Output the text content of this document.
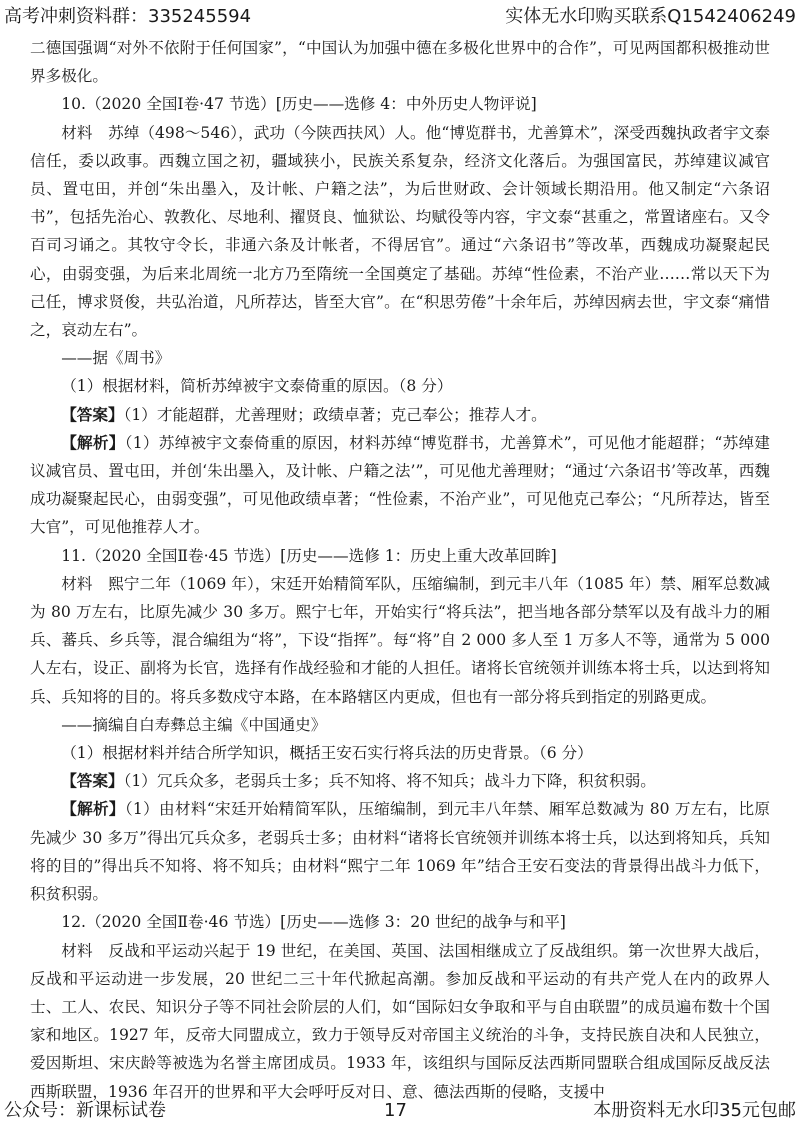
高考冲刺资料群：335245594	实体无水印购买联系Q1542406249

二德国强调“对外不依附于任何国家”，“中国认为加强中德在多极化世界中的合作”，可见两国都积极推动世界多极化。

10.（2020 全国Ⅰ卷·47 节选）[历史——选修 4：中外历史人物评说]

材料　苏绰（498～546），武功（今陕西扶风）人。他“博览群书，尤善算术”，深受西魏执政者宇文泰信任，委以政事。西魏立国之初，疆域狭小，民族关系复杂，经济文化落后。为强国富民，苏绰建议减官员、置屯田，并创“朱出墨入，及计帐、户籍之法”，为后世财政、会计领域长期沿用。他又制定“六条诏书”，包括先治心、敦教化、尽地利、擢贤良、恤狱讼、均赋役等内容，宇文泰“甚重之，常置诸座右。又令百司习诵之。其牧守令长，非通六条及计帐者，不得居官”。通过“六条诏书”等改革，西魏成功凝聚起民心，由弱变强，为后来北周统一北方乃至隋统一全国奠定了基础。苏绰“性俭素，不治产业……常以天下为己任，博求贤俊，共弘治道，凡所荐达，皆至大官”。在“积思劳倦”十余年后，苏绰因病去世，宇文泰“痛惜之，哀动左右”。

——据《周书》

（1）根据材料，简析苏绰被宇文泰倚重的原因。（8 分）

【答案】（1）才能超群，尤善理财；政绩卓著；克己奉公；推荐人才。

【解析】（1）苏绰被宇文泰倚重的原因，材料苏绰“博览群书，尤善算术”，可见他才能超群；“苏绰建议减官员、置屯田，并创‘朱出墨入，及计帐、户籍之法’”，可见他尤善理财；“通过‘六条诏书’等改革，西魏成功凝聚起民心，由弱变强”，可见他政绩卓著；“性俭素，不治产业”，可见他克己奉公；“凡所荐达，皆至大官”，可见他推荐人才。

11.（2020 全国Ⅱ卷·45 节选）[历史——选修 1：历史上重大改革回眸]

材料　熙宁二年（1069 年），宋廷开始精简军队，压缩编制，到元丰八年（1085 年）禁、厢军总数减为 80 万左右，比原先减少 30 多万。熙宁七年，开始实行“将兵法”，把当地各部分禁军以及有战斗力的厢兵、蕃兵、乡兵等，混合编组为“将”，下设“指挥”。每“将”自 2 000 多人至 1 万多人不等，通常为 5 000 人左右，设正、副将为长官，选择有作战经验和才能的人担任。诸将长官统领并训练本将士兵，以达到将知兵、兵知将的目的。将兵多数戍守本路，在本路辖区内更成，但也有一部分将兵到指定的别路更成。

——摘编自白寿彝总主编《中国通史》

（1）根据材料并结合所学知识，概括王安石实行将兵法的历史背景。（6 分）

【答案】（1）冗兵众多，老弱兵士多；兵不知将、将不知兵；战斗力下降，积贫积弱。

【解析】（1）由材料“宋廷开始精简军队，压缩编制，到元丰八年禁、厢军总数减为 80 万左右，比原先减少 30 多万”得出冗兵众多，老弱兵士多；由材料“诸将长官统领并训练本将士兵，以达到将知兵，兵知将的目的”得出兵不知将、将不知兵；由材料“熙宁二年 1069 年”结合王安石变法的背景得出战斗力低下，积贫积弱。

12.（2020 全国Ⅱ卷·46 节选）[历史——选修 3：20 世纪的战争与和平]

材料　反战和平运动兴起于 19 世纪，在美国、英国、法国相继成立了反战组织。第一次世界大战后，反战和平运动进一步发展，20 世纪二三十年代掀起高潮。参加反战和平运动的有共产党人在内的政界人士、工人、农民、知识分子等不同社会阶层的人们，如“国际妇女争取和平与自由联盟”的成员遍布数十个国家和地区。1927 年，反帝大同盟成立，致力于领导反对帝国主义统治的斗争，支持民族自决和人民独立，爱因斯坦、宋庆龄等被选为名誉主席团成员。1933 年，该组织与国际反法西斯同盟联合组成国际反战反法西斯联盟，1936 年召开的世界和平大会呼吁反对日、意、德法西斯的侵略，支援中

公众号：新课标试卷	17	本册资料无水印35元包邮
